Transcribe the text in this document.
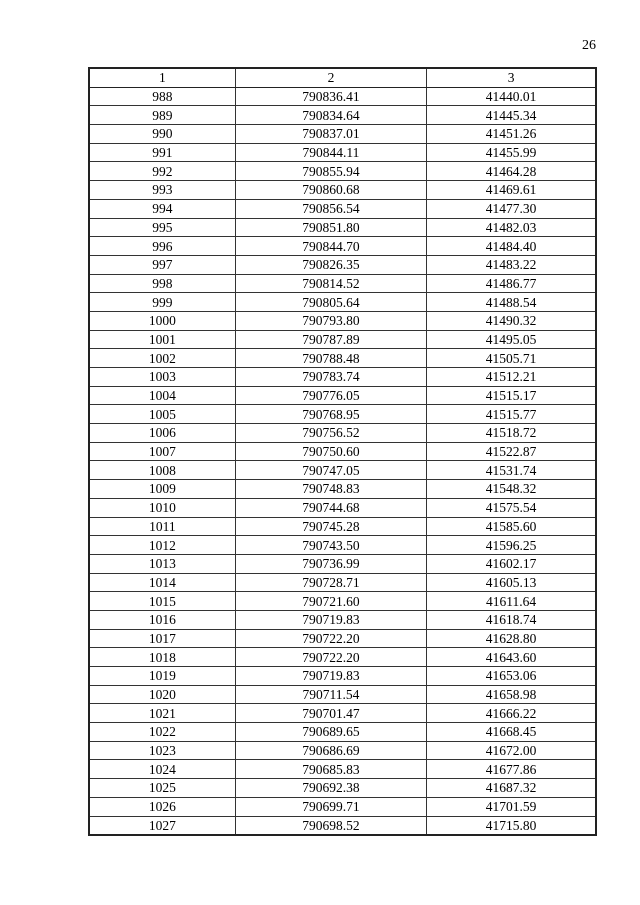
26
1	2	3
988	790836.41	41440.01
989	790834.64	41445.34
990	790837.01	41451.26
991	790844.11	41455.99
992	790855.94	41464.28
993	790860.68	41469.61
994	790856.54	41477.30
995	790851.80	41482.03
996	790844.70	41484.40
997	790826.35	41483.22
998	790814.52	41486.77
999	790805.64	41488.54
1000	790793.80	41490.32
1001	790787.89	41495.05
1002	790788.48	41505.71
1003	790783.74	41512.21
1004	790776.05	41515.17
1005	790768.95	41515.77
1006	790756.52	41518.72
1007	790750.60	41522.87
1008	790747.05	41531.74
1009	790748.83	41548.32
1010	790744.68	41575.54
1011	790745.28	41585.60
1012	790743.50	41596.25
1013	790736.99	41602.17
1014	790728.71	41605.13
1015	790721.60	41611.64
1016	790719.83	41618.74
1017	790722.20	41628.80
1018	790722.20	41643.60
1019	790719.83	41653.06
1020	790711.54	41658.98
1021	790701.47	41666.22
1022	790689.65	41668.45
1023	790686.69	41672.00
1024	790685.83	41677.86
1025	790692.38	41687.32
1026	790699.71	41701.59
1027	790698.52	41715.80
